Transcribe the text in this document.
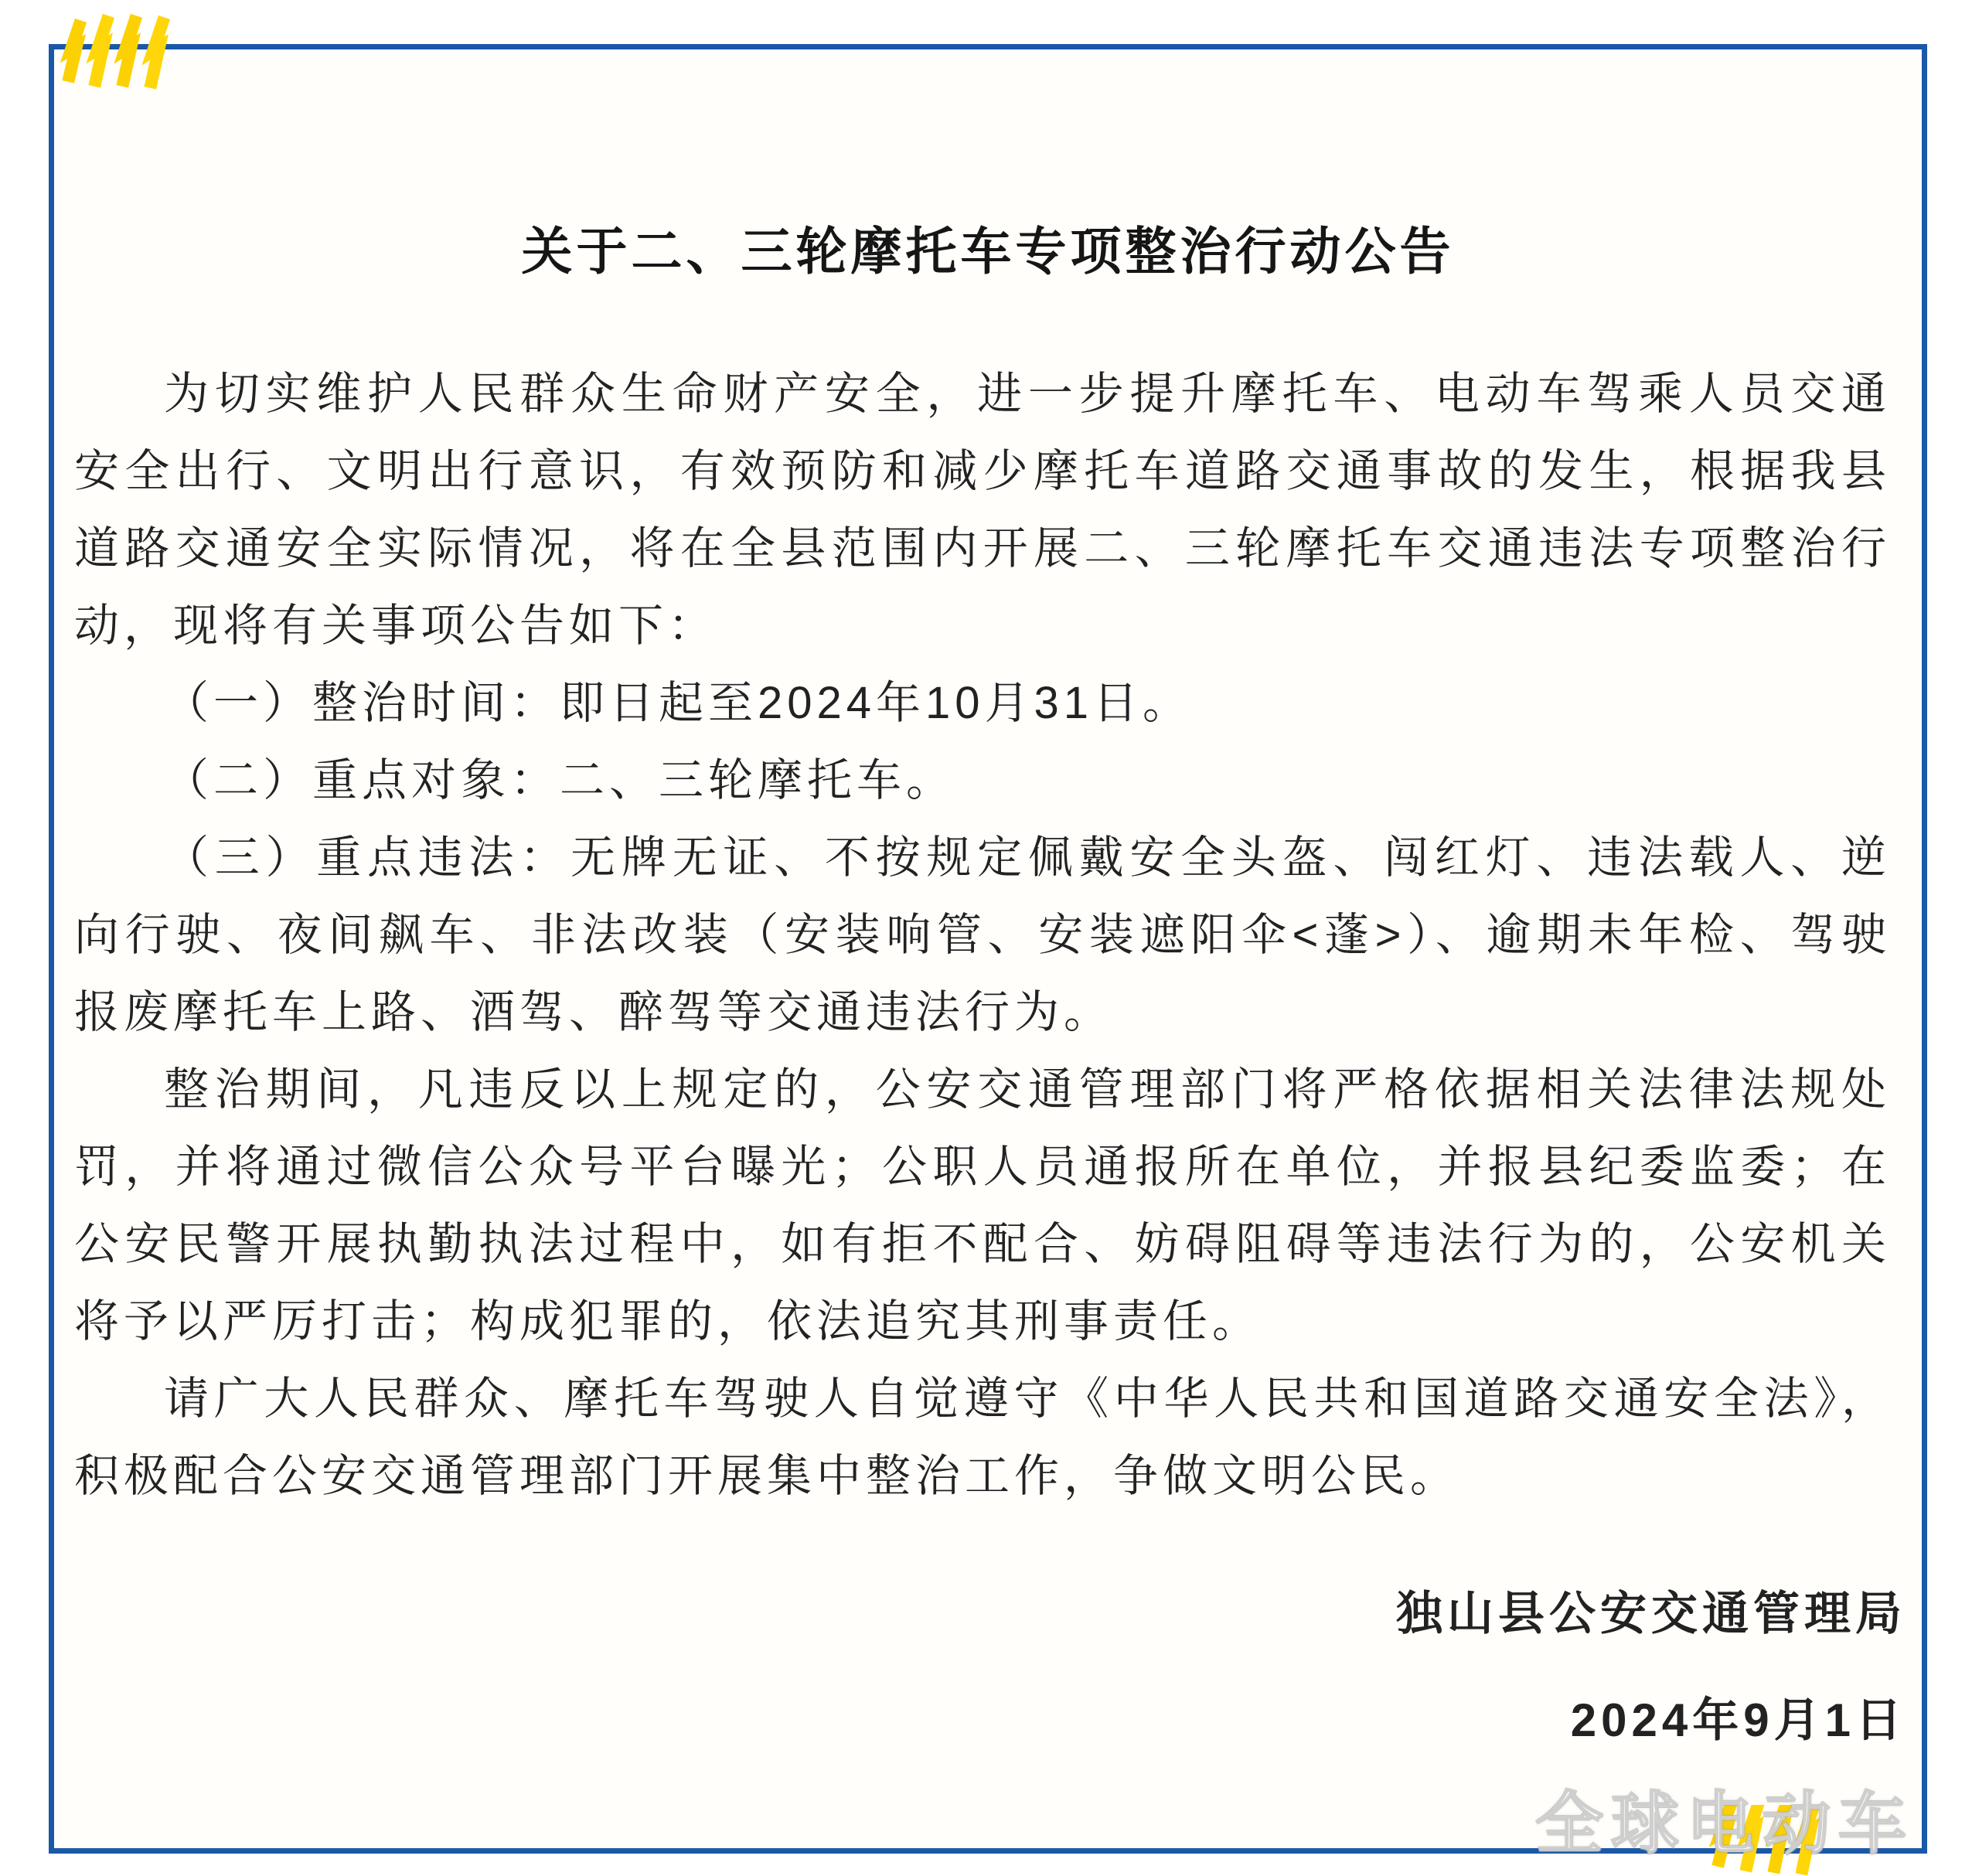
关于二、三轮摩托车专项整治行动公告

为切实维护人民群众生命财产安全，进一步提升摩托车、电动车驾乘人员交通安全出行、文明出行意识，有效预防和减少摩托车道路交通事故的发生，根据我县道路交通安全实际情况，将在全县范围内开展二、三轮摩托车交通违法专项整治行动，现将有关事项公告如下：

（一）整治时间：即日起至2024年10月31日。

（二）重点对象：二、三轮摩托车。

（三）重点违法：无牌无证、不按规定佩戴安全头盔、闯红灯、违法载人、逆向行驶、夜间飙车、非法改装（安装响管、安装遮阳伞<蓬>）、逾期未年检、驾驶报废摩托车上路、酒驾、醉驾等交通违法行为。

整治期间，凡违反以上规定的，公安交通管理部门将严格依据相关法律法规处罚，并将通过微信公众号平台曝光；公职人员通报所在单位，并报县纪委监委；在公安民警开展执勤执法过程中，如有拒不配合、妨碍阻碍等违法行为的，公安机关将予以严厉打击；构成犯罪的，依法追究其刑事责任。

请广大人民群众、摩托车驾驶人自觉遵守《中华人民共和国道路交通安全法》，积极配合公安交通管理部门开展集中整治工作，争做文明公民。

独山县公安交通管理局
2024年9月1日
全球电动车
